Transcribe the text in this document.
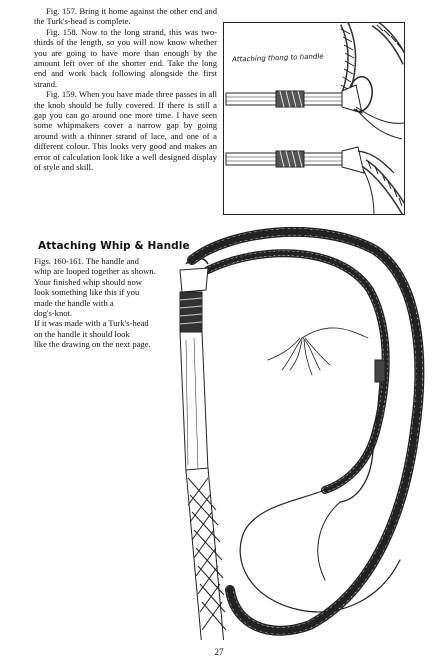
Fig. 157. Bring it home against the other end and the Turk's-head is complete.

Fig. 158. Now to the long strand, this was two-thirds of the length, so you will now know whether you are going to have more than enough by the amount left over of the shorter end. Take the long end and work back following alongside the first strand.

Fig. 159. When you have made three passes in all the knob should be fully covered. If there is still a gap you can go around one more time. I have seen some whipmakers cover a narrow gap by going around with a thinner strand of lace, and one of a different colour. This looks very good and makes an error of calculation look like a well designed display of style and skill.

Attaching thong to handle
Attaching Whip & Handle

Figs. 160-161. The handle and

whip are looped together as shown.

Your finished whip should now

look something like this if you

made the handle with a

dog's-knot.

If it was made with a Turk's-head

on the handle it should look

like the drawing on the next page.

27
